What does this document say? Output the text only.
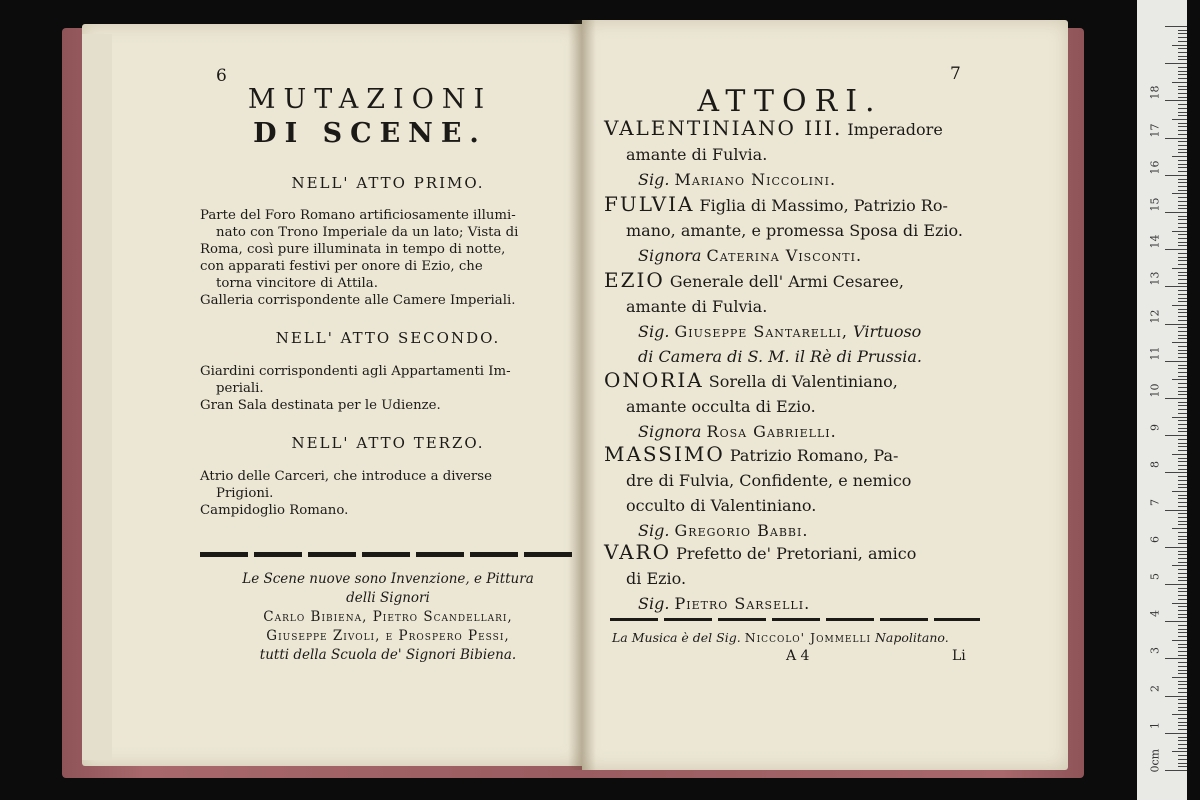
6
MUTAZIONI
DI SCENE.
NELL' ATTO PRIMO.
Parte del Foro Romano artificiosamente illumi-
nato con Trono Imperiale da un lato; Vista di
Roma, così pure illuminata in tempo di notte,
con apparati festivi per onore di Ezio, che
torna vincitore di Attila.
Galleria corrispondente alle Camere Imperiali.
NELL' ATTO SECONDO.
Giardini corrispondenti agli Appartamenti Im-
periali.
Gran Sala destinata per le Udienze.
NELL' ATTO TERZO.
Atrio delle Carceri, che introduce a diverse
Prigioni.
Campidoglio Romano.
Le Scene nuove sono Invenzione, e Pittura
delli Signori
Carlo Bibiena, Pietro Scandellari,
Giuseppe Zivoli, e Prospero Pessi,
tutti della Scuola de' Signori Bibiena.
7
ATTORI.
VALENTINIANO III. Imperadore
amante di Fulvia.
Sig. Mariano Niccolini.
FULVIA Figlia di Massimo, Patrizio Ro-
mano, amante, e promessa Sposa di Ezio.
Signora Caterina Visconti.
EZIO Generale dell' Armi Cesaree,
amante di Fulvia.
Sig. Giuseppe Santarelli, Virtuoso
di Camera di S. M. il Rè di Prussia.
ONORIA Sorella di Valentiniano,
amante occulta di Ezio.
Signora Rosa Gabrielli.
MASSIMO Patrizio Romano, Pa-
dre di Fulvia, Confidente, e nemico
occulto di Valentiniano.
Sig. Gregorio Babbi.
VARO Prefetto de' Pretoriani, amico
di Ezio.
Sig. Pietro Sarselli.
La Musica è del Sig. Niccolo' Jommelli Napolitano.
A 4	Li
0cm
1
2
3
4
5
6
7
8
9
10
11
12
13
14
15
16
17
18
